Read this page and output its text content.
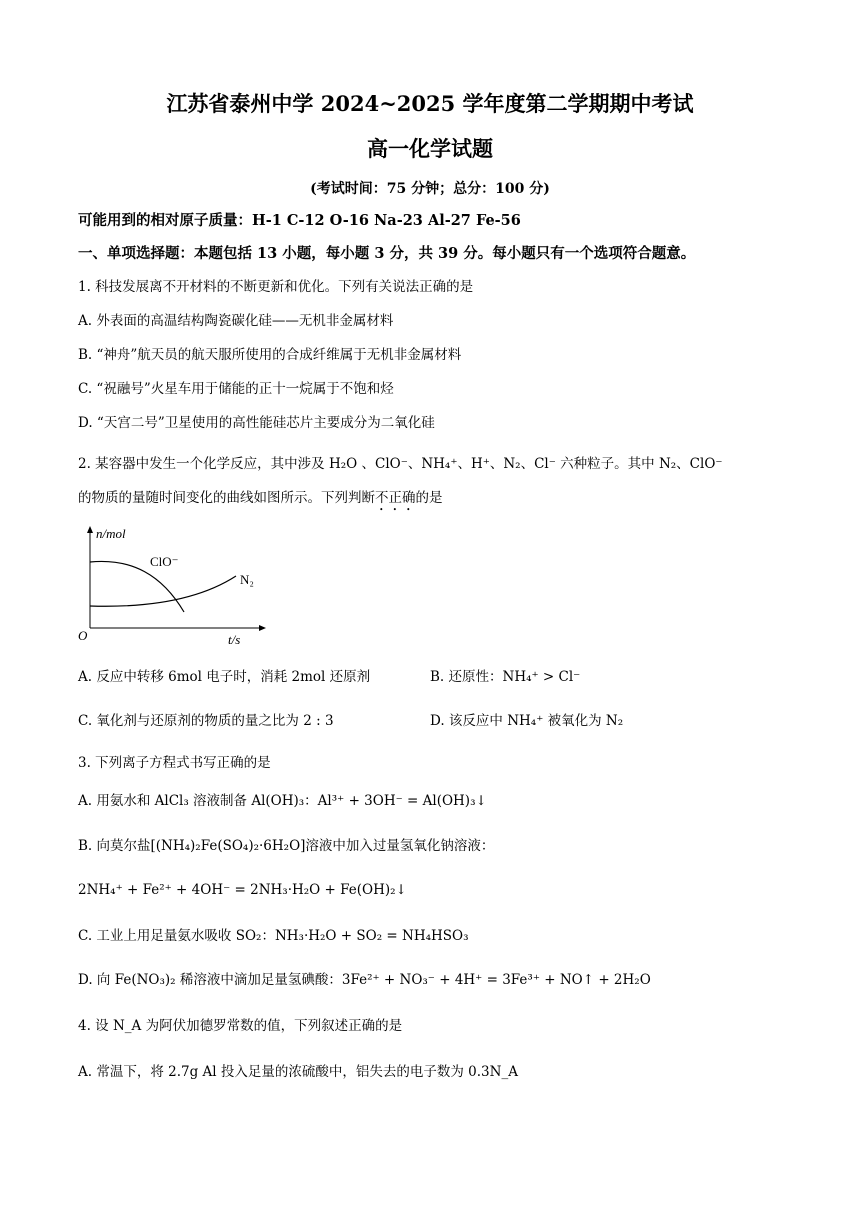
江苏省泰州中学 2024~2025 学年度第二学期期中考试
高一化学试题
(考试时间：75 分钟；总分：100 分)
可能用到的相对原子质量：H-1 C-12 O-16 Na-23 Al-27 Fe-56
一、单项选择题：本题包括 13 小题，每小题 3 分，共 39 分。每小题只有一个选项符合题意。
1. 科技发展离不开材料的不断更新和优化。下列有关说法正确的是
A. 外表面的高温结构陶瓷碳化硅——无机非金属材料
B. “神舟”航天员的航天服所使用的合成纤维属于无机非金属材料
C. “祝融号”火星车用于储能的正十一烷属于不饱和烃
D. “天宫二号”卫星使用的高性能硅芯片主要成分为二氧化硅
2. 某容器中发生一个化学反应，其中涉及 H₂O 、ClO⁻、NH₄⁺、H⁺、N₂、Cl⁻ 六种粒子。其中 N₂、ClO⁻
的物质的量随时间变化的曲线如图所示。下列判断不正确的是
n/mol
t/s
O
ClO⁻
N₂
A. 反应中转移 6mol 电子时，消耗 2mol 还原剂	B. 还原性：NH₄⁺ > Cl⁻
C. 氧化剂与还原剂的物质的量之比为 2 : 3	D. 该反应中 NH₄⁺ 被氧化为 N₂
3. 下列离子方程式书写正确的是
A. 用氨水和 AlCl₃ 溶液制备 Al(OH)₃：Al³⁺ + 3OH⁻ = Al(OH)₃↓
B. 向莫尔盐[(NH₄)₂Fe(SO₄)₂·6H₂O]溶液中加入过量氢氧化钠溶液：
2NH₄⁺ + Fe²⁺ + 4OH⁻ = 2NH₃·H₂O + Fe(OH)₂↓
C. 工业上用足量氨水吸收 SO₂：NH₃·H₂O + SO₂ = NH₄HSO₃
D. 向 Fe(NO₃)₂ 稀溶液中滴加足量氢碘酸：3Fe²⁺ + NO₃⁻ + 4H⁺ = 3Fe³⁺ + NO↑ + 2H₂O
4. 设 N_A 为阿伏加德罗常数的值，下列叙述正确的是
A. 常温下，将 2.7g Al 投入足量的浓硫酸中，铝失去的电子数为 0.3N_A
